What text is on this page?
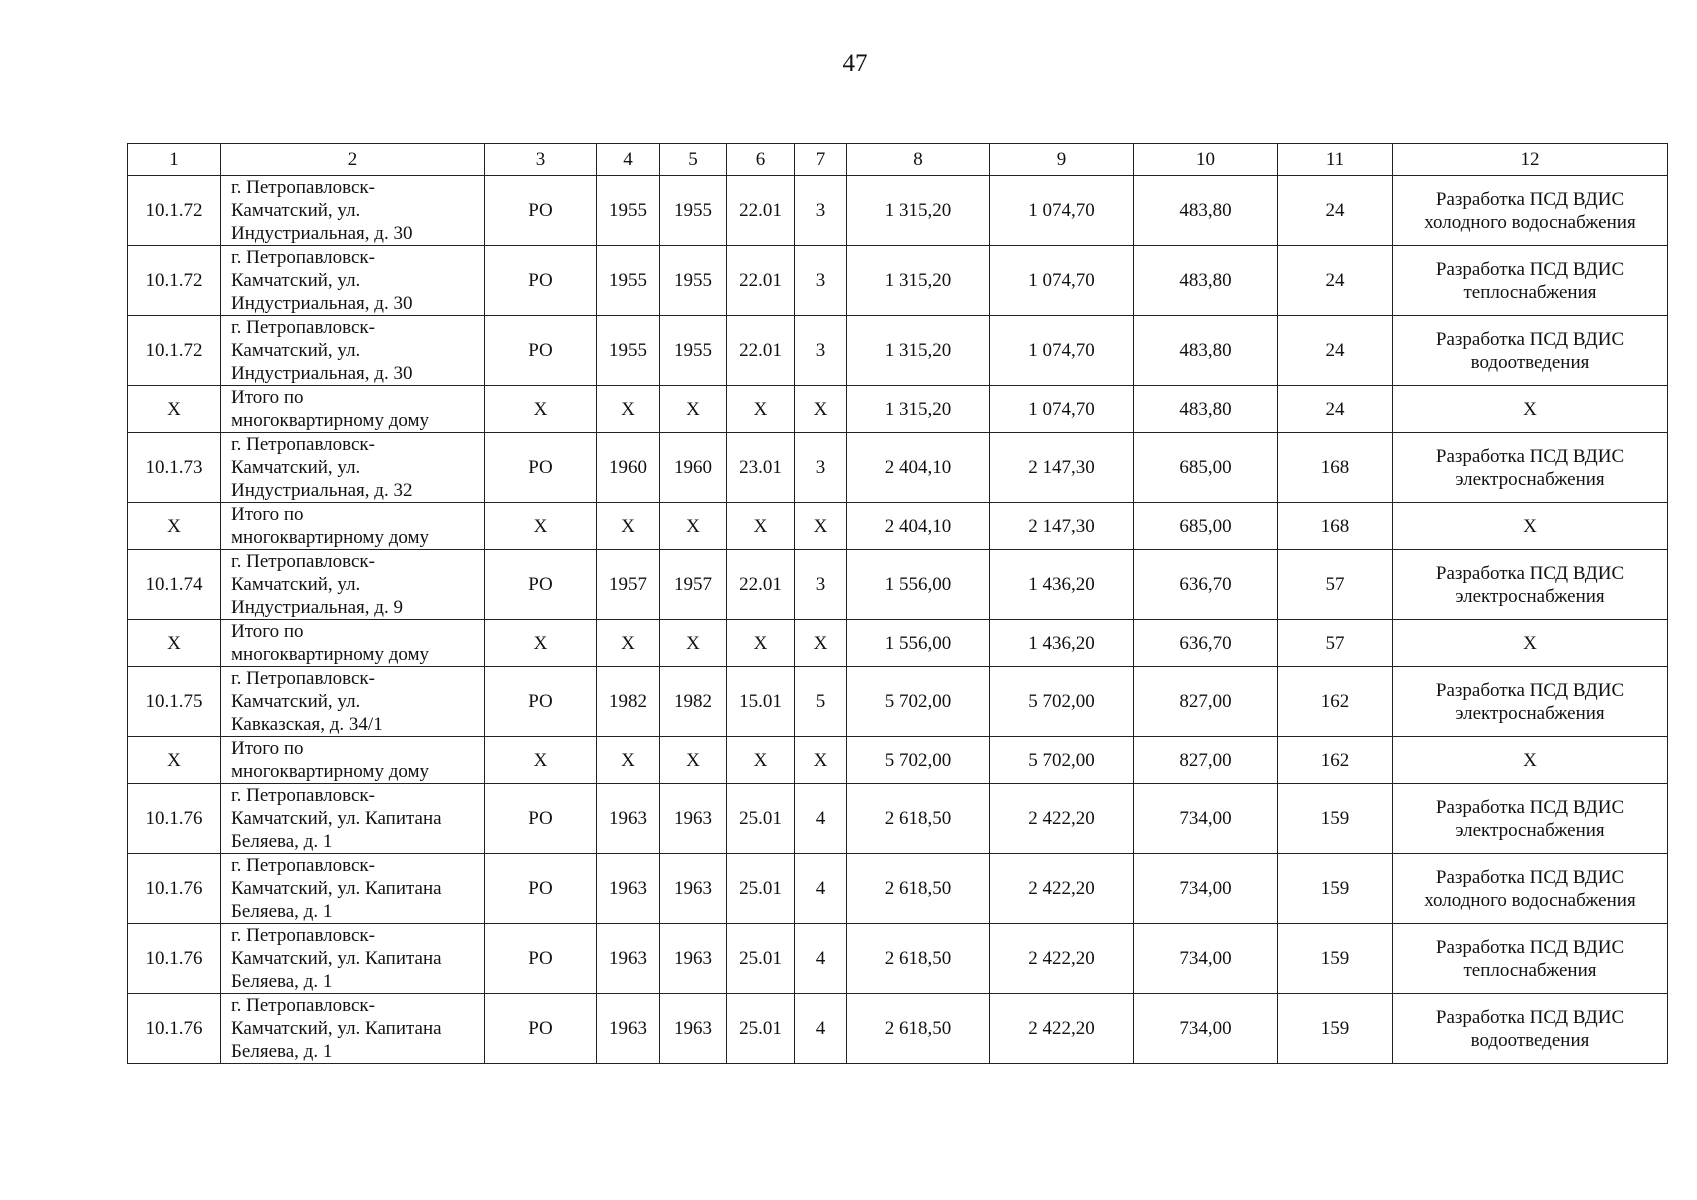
47
1	2	3	4	5	6	7	8	9	10	11	12
10.1.72	г. Петропавловск-
Камчатский, ул.
Индустриальная, д. 30	РО	1955	1955	22.01	3	1 315,20	1 074,70	483,80	24	Разработка ПСД ВДИС
холодного водоснабжения
10.1.72	г. Петропавловск-
Камчатский, ул.
Индустриальная, д. 30	РО	1955	1955	22.01	3	1 315,20	1 074,70	483,80	24	Разработка ПСД ВДИС
теплоснабжения
10.1.72	г. Петропавловск-
Камчатский, ул.
Индустриальная, д. 30	РО	1955	1955	22.01	3	1 315,20	1 074,70	483,80	24	Разработка ПСД ВДИС
водоотведения
Х	Итого по
многоквартирному дому	Х	Х	Х	Х	Х	1 315,20	1 074,70	483,80	24	Х
10.1.73	г. Петропавловск-
Камчатский, ул.
Индустриальная, д. 32	РО	1960	1960	23.01	3	2 404,10	2 147,30	685,00	168	Разработка ПСД ВДИС
электроснабжения
Х	Итого по
многоквартирному дому	Х	Х	Х	Х	Х	2 404,10	2 147,30	685,00	168	Х
10.1.74	г. Петропавловск-
Камчатский, ул.
Индустриальная, д. 9	РО	1957	1957	22.01	3	1 556,00	1 436,20	636,70	57	Разработка ПСД ВДИС
электроснабжения
Х	Итого по
многоквартирному дому	Х	Х	Х	Х	Х	1 556,00	1 436,20	636,70	57	Х
10.1.75	г. Петропавловск-
Камчатский, ул.
Кавказская, д. 34/1	РО	1982	1982	15.01	5	5 702,00	5 702,00	827,00	162	Разработка ПСД ВДИС
электроснабжения
Х	Итого по
многоквартирному дому	Х	Х	Х	Х	Х	5 702,00	5 702,00	827,00	162	Х
10.1.76	г. Петропавловск-
Камчатский, ул. Капитана
Беляева, д. 1	РО	1963	1963	25.01	4	2 618,50	2 422,20	734,00	159	Разработка ПСД ВДИС
электроснабжения
10.1.76	г. Петропавловск-
Камчатский, ул. Капитана
Беляева, д. 1	РО	1963	1963	25.01	4	2 618,50	2 422,20	734,00	159	Разработка ПСД ВДИС
холодного водоснабжения
10.1.76	г. Петропавловск-
Камчатский, ул. Капитана
Беляева, д. 1	РО	1963	1963	25.01	4	2 618,50	2 422,20	734,00	159	Разработка ПСД ВДИС
теплоснабжения
10.1.76	г. Петропавловск-
Камчатский, ул. Капитана
Беляева, д. 1	РО	1963	1963	25.01	4	2 618,50	2 422,20	734,00	159	Разработка ПСД ВДИС
водоотведения
